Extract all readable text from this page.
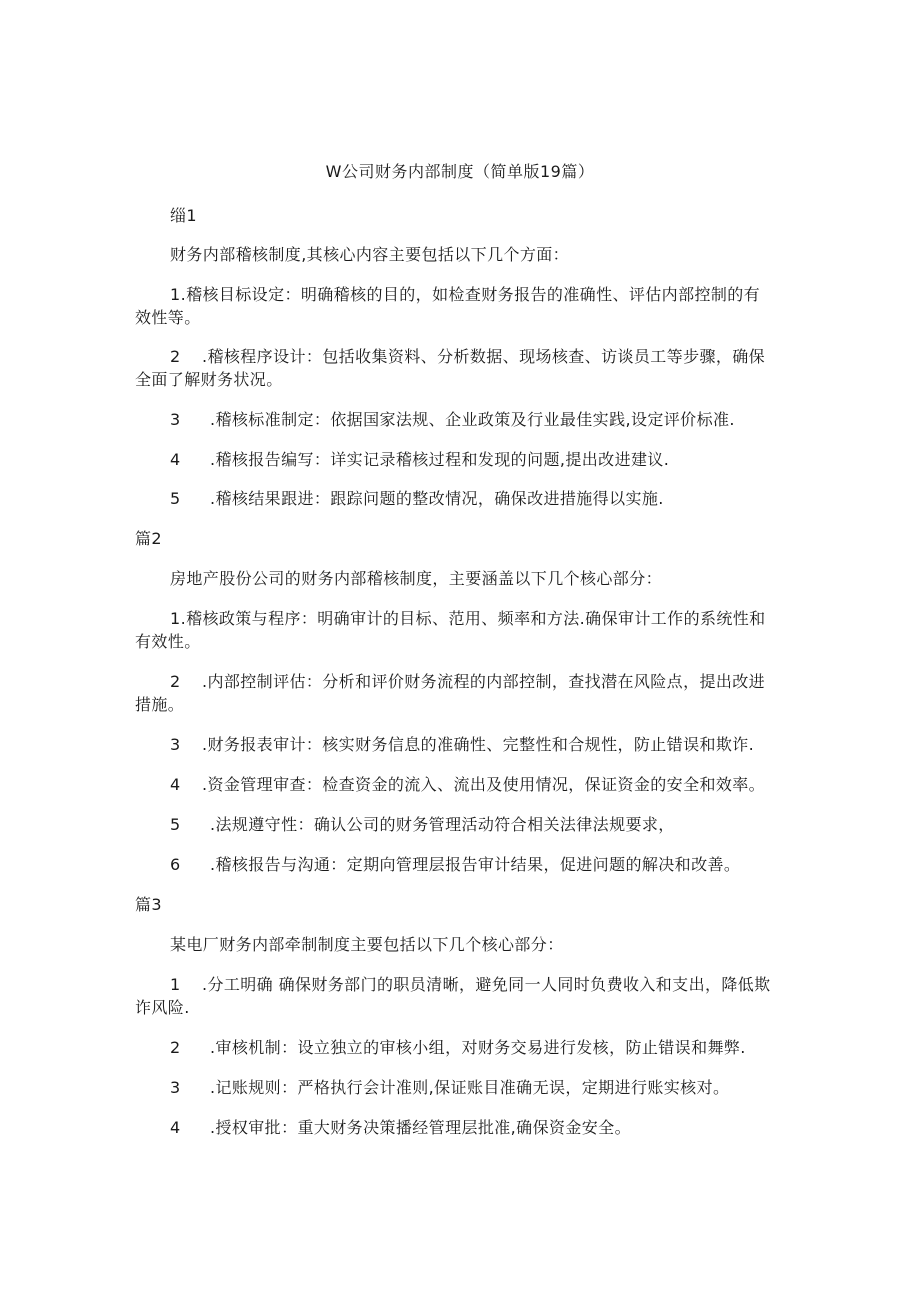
W公司财务内部制度（简单版19篇）
缁1
财务内部稽核制度,其核心内容主要包括以下几个方面：
1.稽核目标设定：明确稽核的目的，如检查财务报告的准确性、评估内部控制的有
效性等。
2 .稽核程序设计：包括收集资料、分析数据、现场核查、访谈员工等步骤，确保
全面了解财务状况。
3 .稽核标准制定：依据国家法规、企业政策及行业最佳实践,设定评价标准.
4 .稽核报告编写：详实记录稽核过程和发现的问题,提出改进建议.
5 .稽核结果跟进：跟踪问题的整改情况，确保改进措施得以实施.
篇2
房地产股份公司的财务内部稽核制度，主要涵盖以下几个核心部分：
1.稽核政策与程序：明确审计的目标、范用、频率和方法.确保审计工作的系统性和
有效性。
2 .内部控制评估：分析和评价财务流程的内部控制，查找潜在风险点，提出改进
措施。
3 .财务报表审计：核实财务信息的准确性、完整性和合规性，防止错误和欺诈.
4 .资金管理审查：检查资金的流入、流出及使用情况，保证资金的安全和效率。
5 .法规遵守性：确认公司的财务管理活动符合相关法律法规要求，
6 .稽核报告与沟通：定期向管理层报告审计结果，促进问题的解决和改善。
篇3
某电厂财务内部牵制制度主要包括以下几个核心部分：
1 .分工明确 确保财务部门的职员清晰，避免同一人同时负费收入和支出，降低欺
诈风险.
2 .审核机制：设立独立的审核小组，对财务交易进行发核，防止错误和舞弊.
3 .记账规则：严格执行会计准则,保证账目准确无误，定期进行账实核对。
4 .授权审批：重大财务决策播经管理层批准,确保资金安全。
